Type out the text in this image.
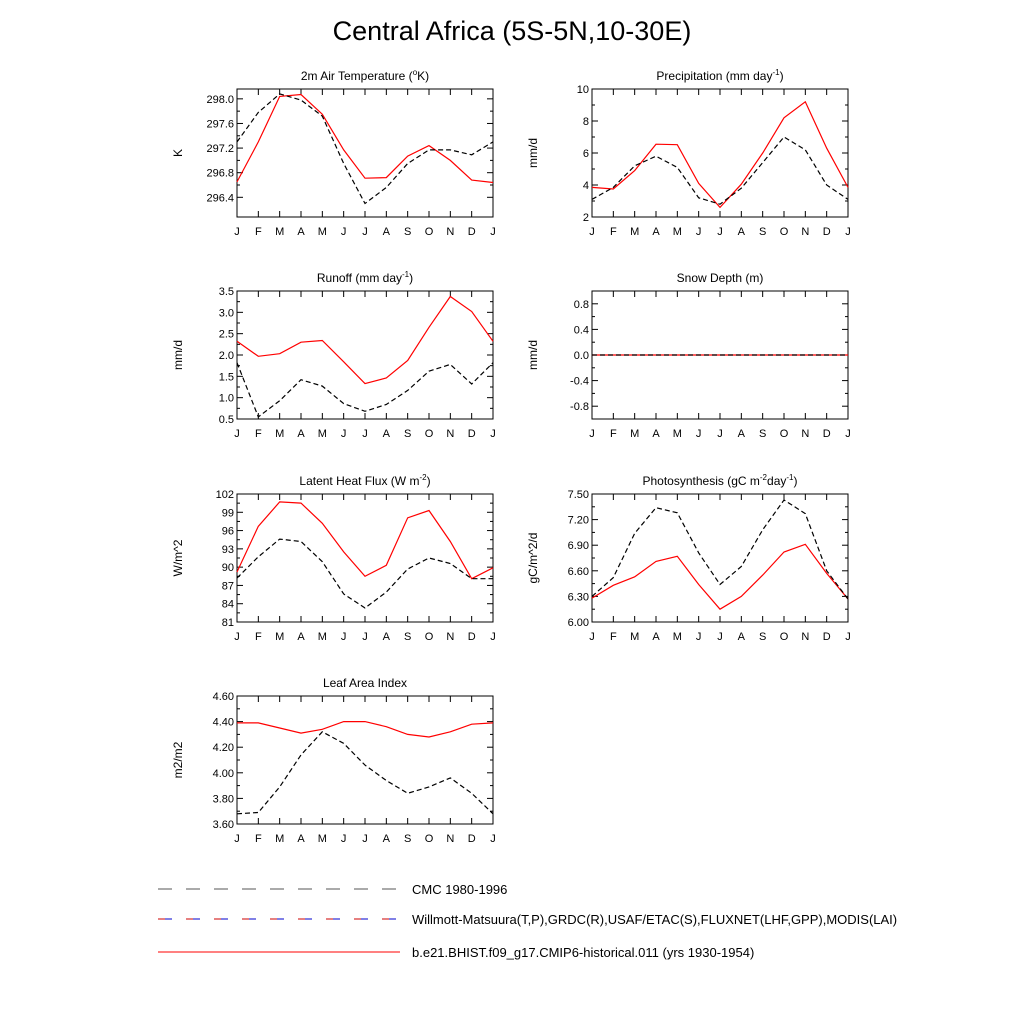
Central Africa (5S-5N,10-30E)
J F M A M J J A S O N D J
296.4
296.8
297.2
297.6
298.0
2m Air Temperature ($^o$K)
K
J F M A M J J A S O N D J
2
4
6
8
10
Precipitation (mm day$^{-1}$)
mm/d
J F M A M J J A S O N D J
0.5
1.0
1.5
2.0
2.5
3.0
3.5
Runoff (mm day$^{-1}$)
mm/d
J F M A M J J A S O N D J
-0.8
-0.4
0.0
0.4
0.8
Snow Depth (m)
mm/d
J F M A M J J A S O N D J
81
84
87
90
93
96
99
102
Latent Heat Flux (W $m^{-2}$)
W/m^2
J F M A M J J A S O N D J
6.00
6.30
6.60
6.90
7.20
7.50
Photosynthesis (gC $m^{-2}day^{-1}$)
gC/m^2/d
J F M A M J J A S O N D J
3.60
3.80
4.00
4.20
4.40
4.60
Leaf Area Index
m2/m2
CMC 1980-1996
Willmott-Matsuura(T,P),GRDC(R),USAF/ETAC(S),FLUXNET(LHF,GPP),MODIS(LAI)
b.e21.BHIST.f09_g17.CMIP6-historical.011 (yrs 1930-1954)
